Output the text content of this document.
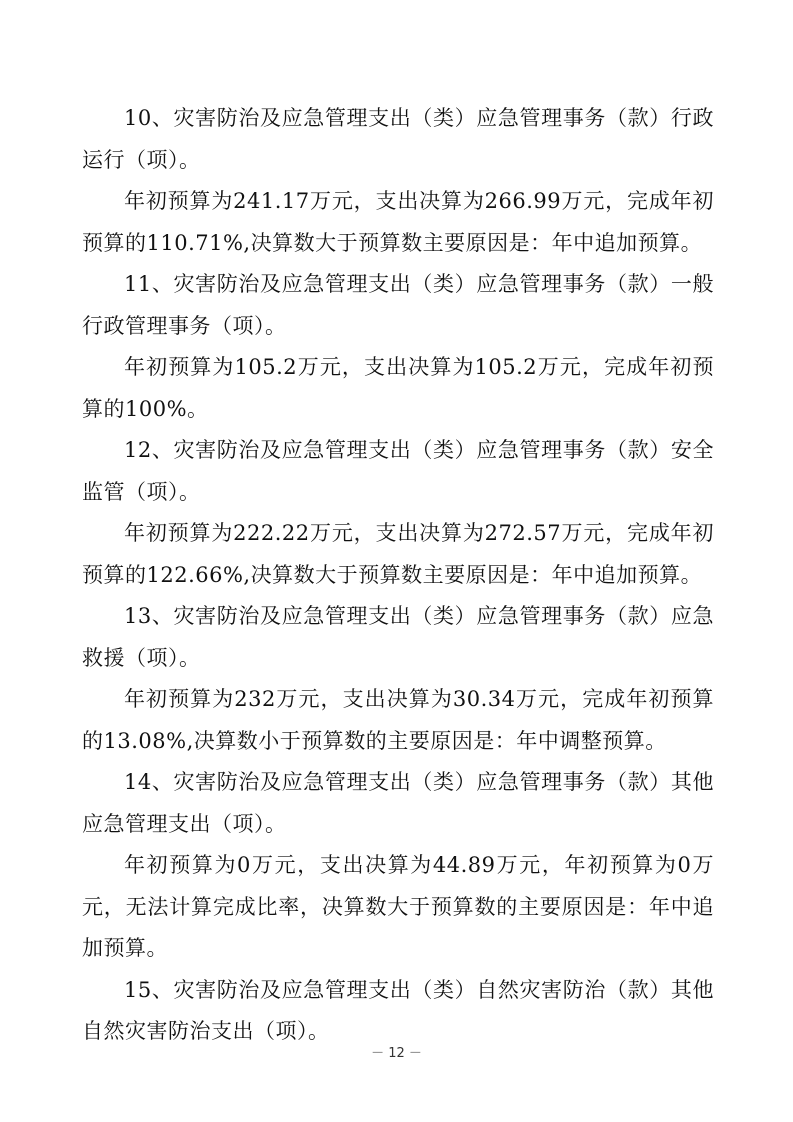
10、灾害防治及应急管理支出（类）应急管理事务（款）行政运行（项）。

年初预算为241.17万元，支出决算为266.99万元，完成年初预算的110.71%,决算数大于预算数主要原因是：年中追加预算。

11、灾害防治及应急管理支出（类）应急管理事务（款）一般行政管理事务（项）。

年初预算为105.2万元，支出决算为105.2万元，完成年初预算的100%。

12、灾害防治及应急管理支出（类）应急管理事务（款）安全监管（项）。

年初预算为222.22万元，支出决算为272.57万元，完成年初预算的122.66%,决算数大于预算数主要原因是：年中追加预算。

13、灾害防治及应急管理支出（类）应急管理事务（款）应急救援（项）。

年初预算为232万元，支出决算为30.34万元，完成年初预算的13.08%,决算数小于预算数的主要原因是：年中调整预算。

14、灾害防治及应急管理支出（类）应急管理事务（款）其他应急管理支出（项）。

年初预算为0万元，支出决算为44.89万元，年初预算为0万元，无法计算完成比率，决算数大于预算数的主要原因是：年中追加预算。

15、灾害防治及应急管理支出（类）自然灾害防治（款）其他自然灾害防治支出（项）。

－ 12 －
